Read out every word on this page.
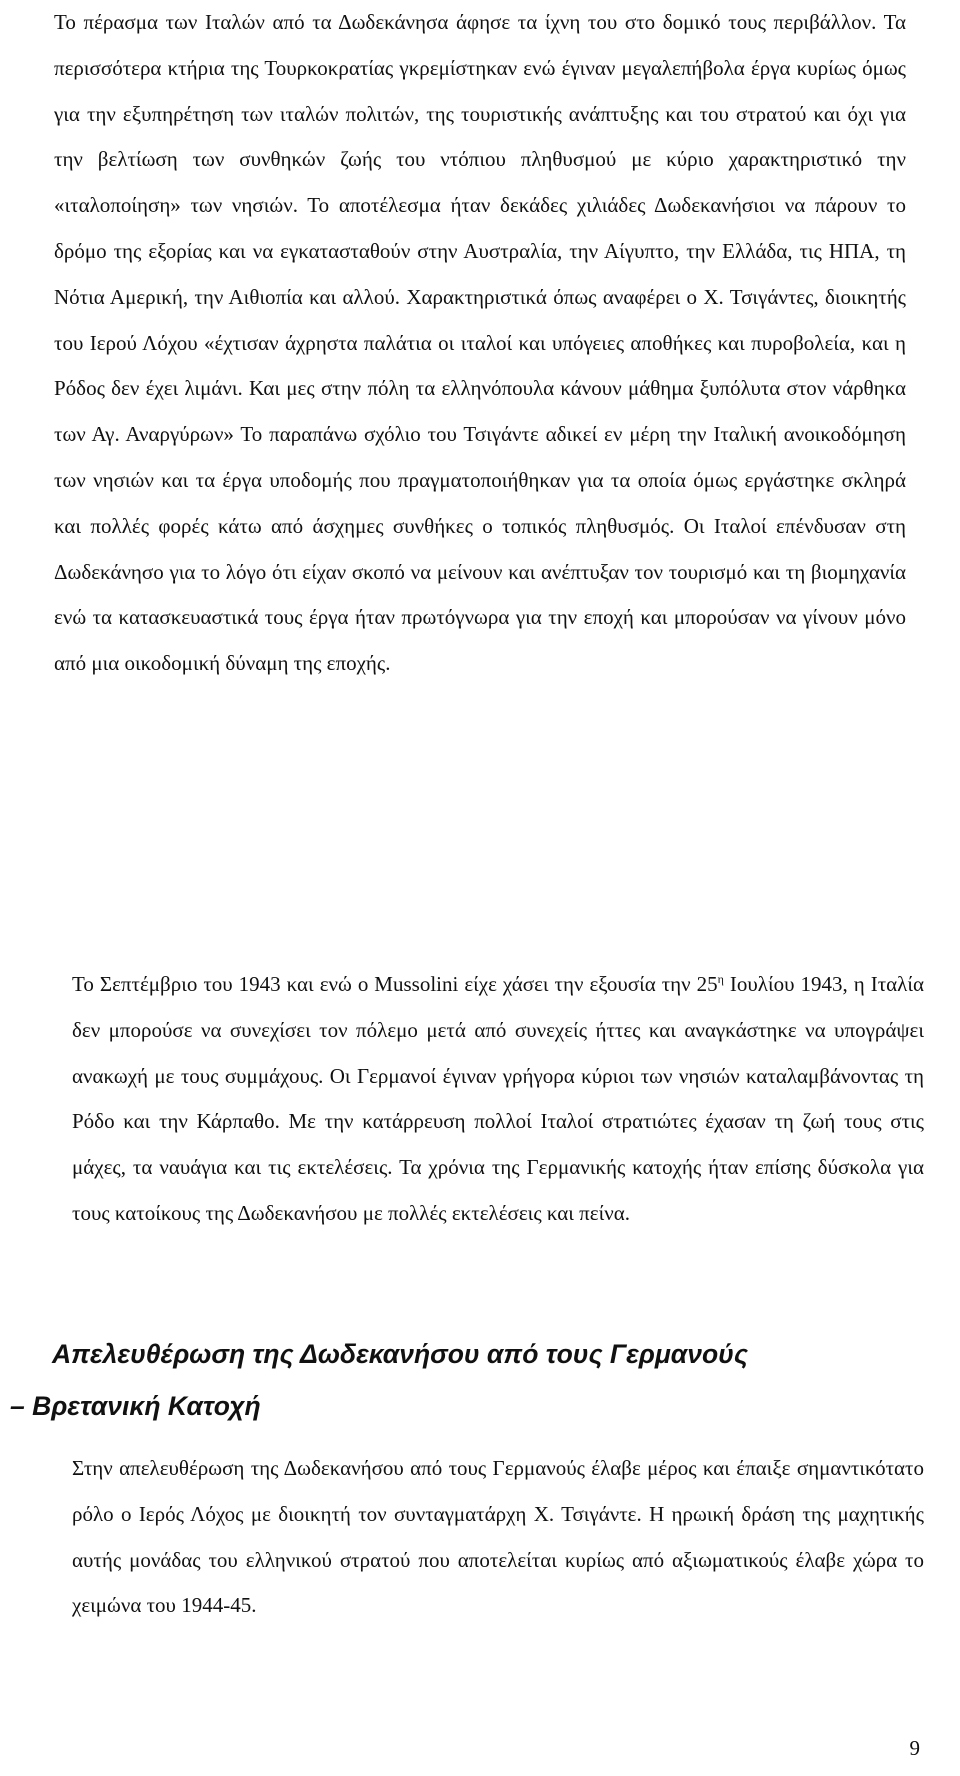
Το πέρασμα των Ιταλών από τα Δωδεκάνησα άφησε τα ίχνη του στο δομικό τους περιβάλλον. Τα περισσότερα κτήρια της Τουρκοκρατίας γκρεμίστηκαν ενώ έγιναν μεγαλεπήβολα έργα κυρίως όμως για την εξυπηρέτηση των ιταλών πολιτών, της τουριστικής ανάπτυξης και του στρατού και όχι για την βελτίωση των συνθηκών ζωής του ντόπιου πληθυσμού με κύριο χαρακτηριστικό την «ιταλοποίηση» των νησιών. Το αποτέλεσμα ήταν δεκάδες χιλιάδες Δωδεκανήσιοι να πάρουν το δρόμο της εξορίας και να εγκατασταθούν στην Αυστραλία, την Αίγυπτο, την Ελλάδα, τις ΗΠΑ, τη Νότια Αμερική, την Αιθιοπία και αλλού. Χαρακτηριστικά όπως αναφέρει ο Χ. Τσιγάντες, διοικητής του Ιερού Λόχου «έχτισαν άχρηστα παλάτια οι ιταλοί και υπόγειες αποθήκες και πυροβολεία, και η Ρόδος δεν έχει λιμάνι. Και μες στην πόλη τα ελληνόπουλα κάνουν μάθημα ξυπόλυτα στον νάρθηκα των Αγ. Αναργύρων» Το παραπάνω σχόλιο του Τσιγάντε αδικεί εν μέρη την Ιταλική ανοικοδόμηση των νησιών και τα έργα υποδομής που πραγματοποιήθηκαν για τα οποία όμως εργάστηκε σκληρά και πολλές φορές κάτω από άσχημες συνθήκες ο τοπικός πληθυσμός. Οι Ιταλοί επένδυσαν στη Δωδεκάνησο για το λόγο ότι είχαν σκοπό να μείνουν και ανέπτυξαν τον τουρισμό και τη βιομηχανία ενώ τα κατασκευαστικά τους έργα ήταν πρωτόγνωρα για την εποχή και μπορούσαν να γίνουν μόνο από μια οικοδομική δύναμη της εποχής.

Το Σεπτέμβριο του 1943 και ενώ ο Mussolini είχε χάσει την εξουσία την $25^\eta$ Ιουλίου 1943, η Ιταλία δεν μπορούσε να συνεχίσει τον πόλεμο μετά από συνεχείς ήττες και αναγκάστηκε να υπογράψει ανακωχή με τους συμμάχους. Οι Γερμανοί έγιναν γρήγορα κύριοι των νησιών καταλαμβάνοντας τη Ρόδο και την Κάρπαθο. Με την κατάρρευση πολλοί Ιταλοί στρατιώτες έχασαν τη ζωή τους στις μάχες, τα ναυάγια και τις εκτελέσεις. Τα χρόνια της Γερμανικής κατοχής ήταν επίσης δύσκολα για τους κατοίκους της Δωδεκανήσου με πολλές εκτελέσεις και πείνα.

Απελευθέρωση της Δωδεκανήσου από τους Γερμανούς
– Βρετανική Κατοχή

Στην απελευθέρωση της Δωδεκανήσου από τους Γερμανούς έλαβε μέρος και έπαιξε σημαντικότατο ρόλο ο Ιερός Λόχος με διοικητή τον συνταγματάρχη Χ. Τσιγάντε. Η ηρωική δράση της μαχητικής αυτής μονάδας του ελληνικού στρατού που αποτελείται κυρίως από αξιωματικούς έλαβε χώρα το χειμώνα του 1944-45.

9
